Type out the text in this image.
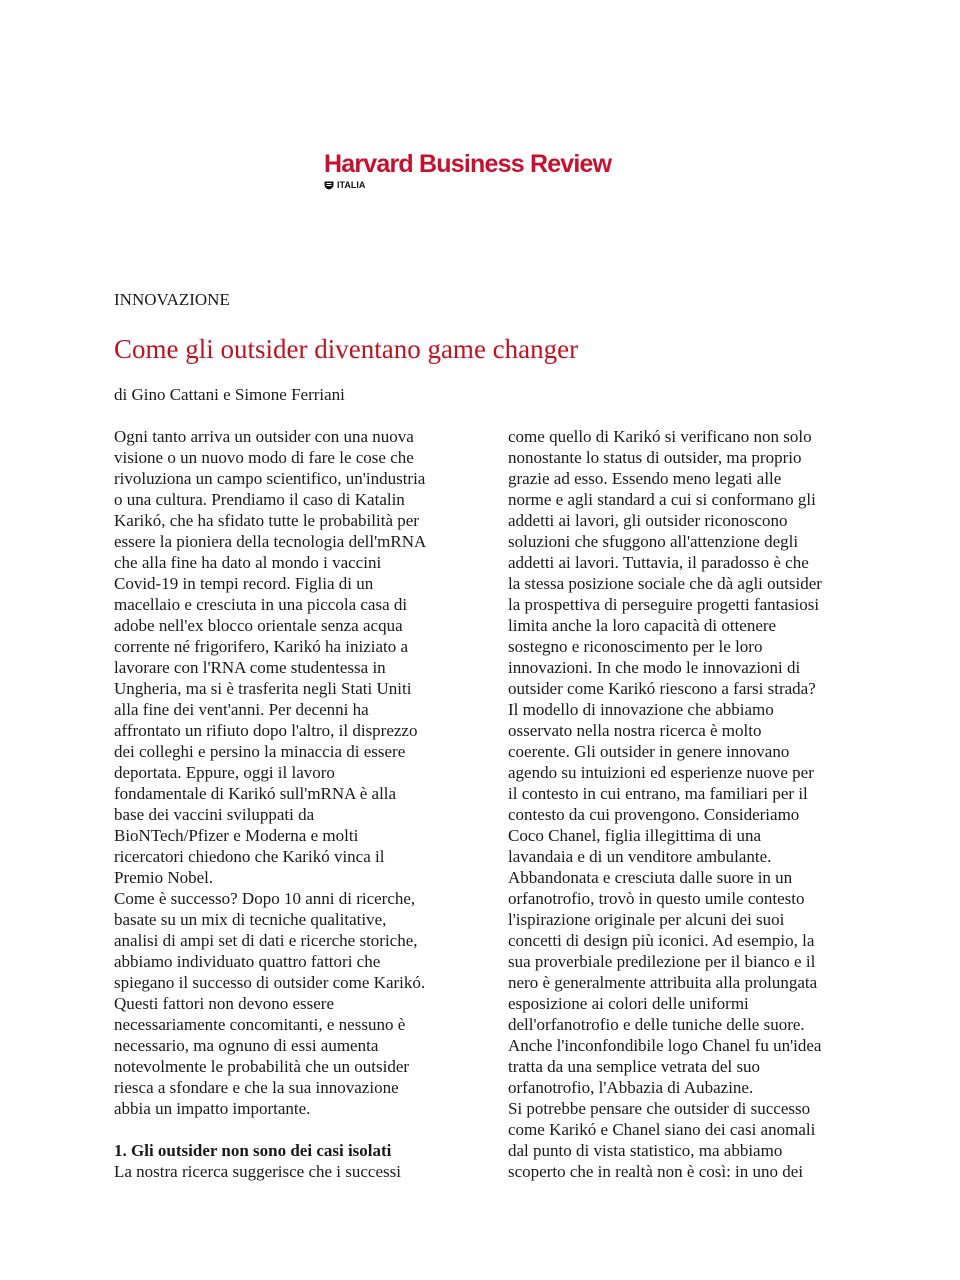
Harvard Business Review
ITALIA
INNOVAZIONE
Come gli outsider diventano game changer
di Gino Cattani e Simone Ferriani

Ogni tanto arriva un outsider con una nuova
visione o un nuovo modo di fare le cose che
rivoluziona un campo scientifico, un'industria
o una cultura. Prendiamo il caso di Katalin
Karikó, che ha sfidato tutte le probabilità per
essere la pioniera della tecnologia dell'mRNA
che alla fine ha dato al mondo i vaccini
Covid-19 in tempi record. Figlia di un
macellaio e cresciuta in una piccola casa di
adobe nell'ex blocco orientale senza acqua
corrente né frigorifero, Karikó ha iniziato a
lavorare con l'RNA come studentessa in
Ungheria, ma si è trasferita negli Stati Uniti
alla fine dei vent'anni. Per decenni ha
affrontato un rifiuto dopo l'altro, il disprezzo
dei colleghi e persino la minaccia di essere
deportata. Eppure, oggi il lavoro
fondamentale di Karikó sull'mRNA è alla
base dei vaccini sviluppati da
BioNTech/Pfizer e Moderna e molti
ricercatori chiedono che Karikó vinca il
Premio Nobel.

Come è successo? Dopo 10 anni di ricerche,
basate su un mix di tecniche qualitative,
analisi di ampi set di dati e ricerche storiche,
abbiamo individuato quattro fattori che
spiegano il successo di outsider come Karikó.
Questi fattori non devono essere
necessariamente concomitanti, e nessuno è
necessario, ma ognuno di essi aumenta
notevolmente le probabilità che un outsider
riesca a sfondare e che la sua innovazione
abbia un impatto importante.

1. Gli outsider non sono dei casi isolati

La nostra ricerca suggerisce che i successi

come quello di Karikó si verificano non solo
nonostante lo status di outsider, ma proprio
grazie ad esso. Essendo meno legati alle
norme e agli standard a cui si conformano gli
addetti ai lavori, gli outsider riconoscono
soluzioni che sfuggono all'attenzione degli
addetti ai lavori. Tuttavia, il paradosso è che
la stessa posizione sociale che dà agli outsider
la prospettiva di perseguire progetti fantasiosi
limita anche la loro capacità di ottenere
sostegno e riconoscimento per le loro
innovazioni. In che modo le innovazioni di
outsider come Karikó riescono a farsi strada?
Il modello di innovazione che abbiamo
osservato nella nostra ricerca è molto
coerente. Gli outsider in genere innovano
agendo su intuizioni ed esperienze nuove per
il contesto in cui entrano, ma familiari per il
contesto da cui provengono. Consideriamo
Coco Chanel, figlia illegittima di una
lavandaia e di un venditore ambulante.
Abbandonata e cresciuta dalle suore in un
orfanotrofio, trovò in questo umile contesto
l'ispirazione originale per alcuni dei suoi
concetti di design più iconici. Ad esempio, la
sua proverbiale predilezione per il bianco e il
nero è generalmente attribuita alla prolungata
esposizione ai colori delle uniformi
dell'orfanotrofio e delle tuniche delle suore.
Anche l'inconfondibile logo Chanel fu un'idea
tratta da una semplice vetrata del suo
orfanotrofio, l'Abbazia di Aubazine.

Si potrebbe pensare che outsider di successo
come Karikó e Chanel siano dei casi anomali
dal punto di vista statistico, ma abbiamo
scoperto che in realtà non è così: in uno dei
